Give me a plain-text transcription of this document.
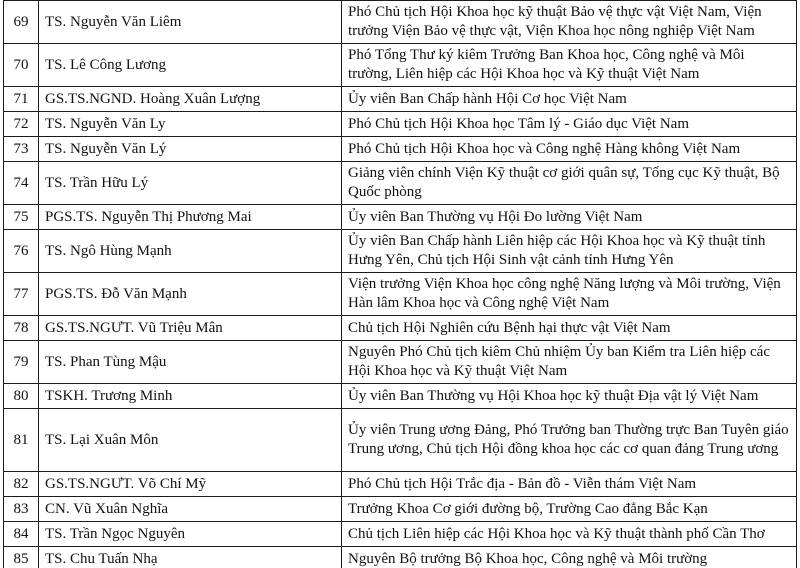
69	TS. Nguyễn Văn Liêm	Phó Chủ tịch Hội Khoa học kỹ thuật Bảo vệ thực vật Việt Nam, Viện trưởng Viện Bảo vệ thực vật, Viện Khoa học nông nghiệp Việt Nam
70	TS. Lê Công Lương	Phó Tổng Thư ký kiêm Trưởng Ban Khoa học, Công nghệ và Môi trường, Liên hiệp các Hội Khoa học và Kỹ thuật Việt Nam
71	GS.TS.NGND. Hoàng Xuân Lượng	Ủy viên Ban Chấp hành Hội Cơ học Việt Nam
72	TS. Nguyễn Văn Ly	Phó Chủ tịch Hội Khoa học Tâm lý - Giáo dục Việt Nam
73	TS. Nguyễn Văn Lý	Phó Chủ tịch Hội Khoa học và Công nghệ Hàng không Việt Nam
74	TS. Trần Hữu Lý	Giảng viên chính Viện Kỹ thuật cơ giới quân sự, Tổng cục Kỹ thuật, Bộ Quốc phòng
75	PGS.TS. Nguyễn Thị Phương Mai	Ủy viên Ban Thường vụ Hội Đo lường Việt Nam
76	TS. Ngô Hùng Mạnh	Ủy viên Ban Chấp hành Liên hiệp các Hội Khoa học và Kỹ thuật tỉnh Hưng Yên, Chủ tịch Hội Sinh vật cảnh tỉnh Hưng Yên
77	PGS.TS. Đỗ Văn Mạnh	Viện trưởng Viện Khoa học công nghệ Năng lượng và Môi trường, Viện Hàn lâm Khoa học và Công nghệ Việt Nam
78	GS.TS.NGƯT. Vũ Triệu Mân	Chủ tịch Hội Nghiên cứu Bệnh hại thực vật Việt Nam
79	TS. Phan Tùng Mậu	Nguyên Phó Chủ tịch kiêm Chủ nhiệm Ủy ban Kiểm tra Liên hiệp các Hội Khoa học và Kỹ thuật Việt Nam
80	TSKH. Trương Minh	Ủy viên Ban Thường vụ Hội Khoa học kỹ thuật Địa vật lý Việt Nam
81	TS. Lại Xuân Môn	Ủy viên Trung ương Đảng, Phó Trưởng ban Thường trực Ban Tuyên giáo Trung ương, Chủ tịch Hội đồng khoa học các cơ quan đảng Trung ương
82	GS.TS.NGƯT. Võ Chí Mỹ	Phó Chủ tịch Hội Trắc địa - Bản đồ - Viễn thám Việt Nam
83	CN. Vũ Xuân Nghĩa	Trưởng Khoa Cơ giới đường bộ, Trường Cao đẳng Bắc Kạn
84	TS. Trần Ngọc Nguyên	Chủ tịch Liên hiệp các Hội Khoa học và Kỹ thuật thành phố Cần Thơ
85	TS. Chu Tuấn Nhạ	Nguyên Bộ trưởng Bộ Khoa học, Công nghệ và Môi trường
